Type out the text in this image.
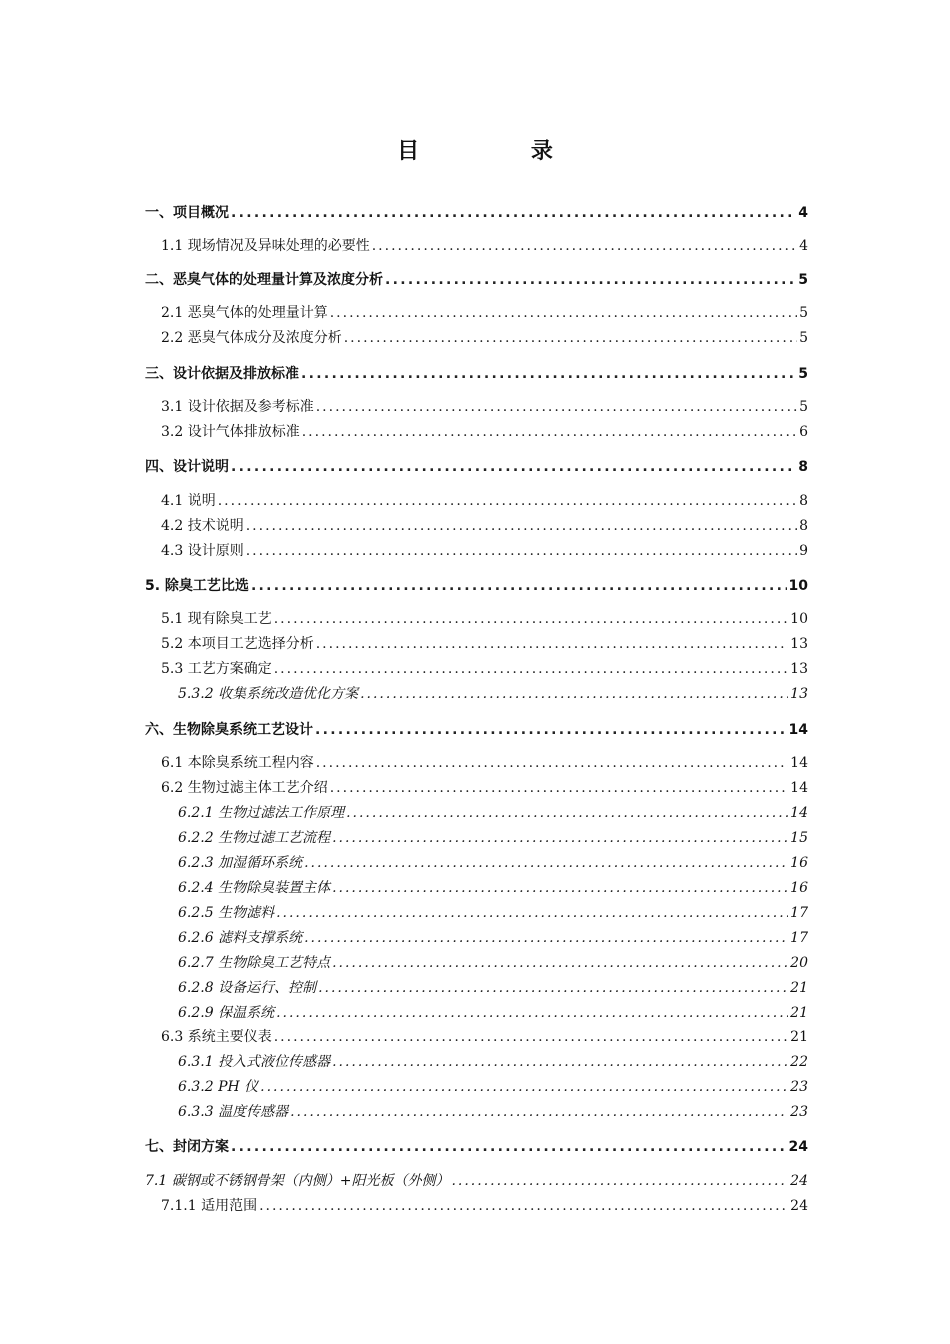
目 录
一、项目概况 .....	4
1.1 现场情况及异味处理的必要性 .....	4
二、恶臭气体的处理量计算及浓度分析 .....	5
2.1 恶臭气体的处理量计算 .....	5
2.2 恶臭气体成分及浓度分析 .....	5
三、设计依据及排放标准 .....	5
3.1 设计依据及参考标准 .....	5
3.2 设计气体排放标准 .....	6
四、设计说明 .....	8
4.1 说明 .....	8
4.2 技术说明 .....	8
4.3 设计原则 .....	9
5. 除臭工艺比选 .....	10
5.1 现有除臭工艺 .....	10
5.2 本项目工艺选择分析 .....	13
5.3 工艺方案确定 .....	13
5.3.2 收集系统改造优化方案 .....	13
六、生物除臭系统工艺设计 .....	14
6.1 本除臭系统工程内容 .....	14
6.2 生物过滤主体工艺介绍 .....	14
6.2.1 生物过滤法工作原理 .....	14
6.2.2 生物过滤工艺流程 .....	15
6.2.3 加湿循环系统 .....	16
6.2.4 生物除臭装置主体 .....	16
6.2.5 生物滤料 .....	17
6.2.6 滤料支撑系统 .....	17
6.2.7 生物除臭工艺特点 .....	20
6.2.8 设备运行、控制 .....	21
6.2.9 保温系统 .....	21
6.3 系统主要仪表 .....	21
6.3.1 投入式液位传感器 .....	22
6.3.2 PH 仪 .....	23
6.3.3 温度传感器 .....	23
七、封闭方案 .....	24
7.1 碳钢或不锈钢骨架（内侧）+阳光板（外侧） .....	24
7.1.1 适用范围 .....	24
